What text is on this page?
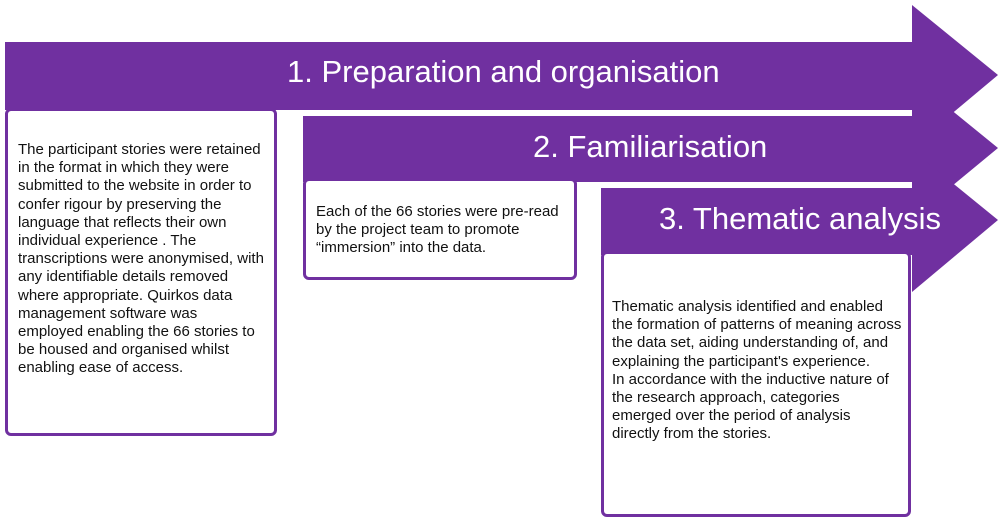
1. Preparation and organisation
2. Familiarisation
3. Thematic analysis

The participant stories were retained in the format in which they were submitted to the website in order to confer rigour by preserving the language that reflects their own individual experience . The transcriptions were anonymised, with any identifiable details removed where appropriate. Quirkos data management software was employed enabling the 66 stories to be housed and organised whilst enabling ease of access.

Each of the 66 stories were pre-read by the project team to promote “immersion” into the data.

Thematic analysis identified and enabled the formation of patterns of meaning across the data set, aiding understanding of, and explaining the participant's experience.

In accordance with the inductive nature of the research approach, categories emerged over the period of analysis directly from the stories.
